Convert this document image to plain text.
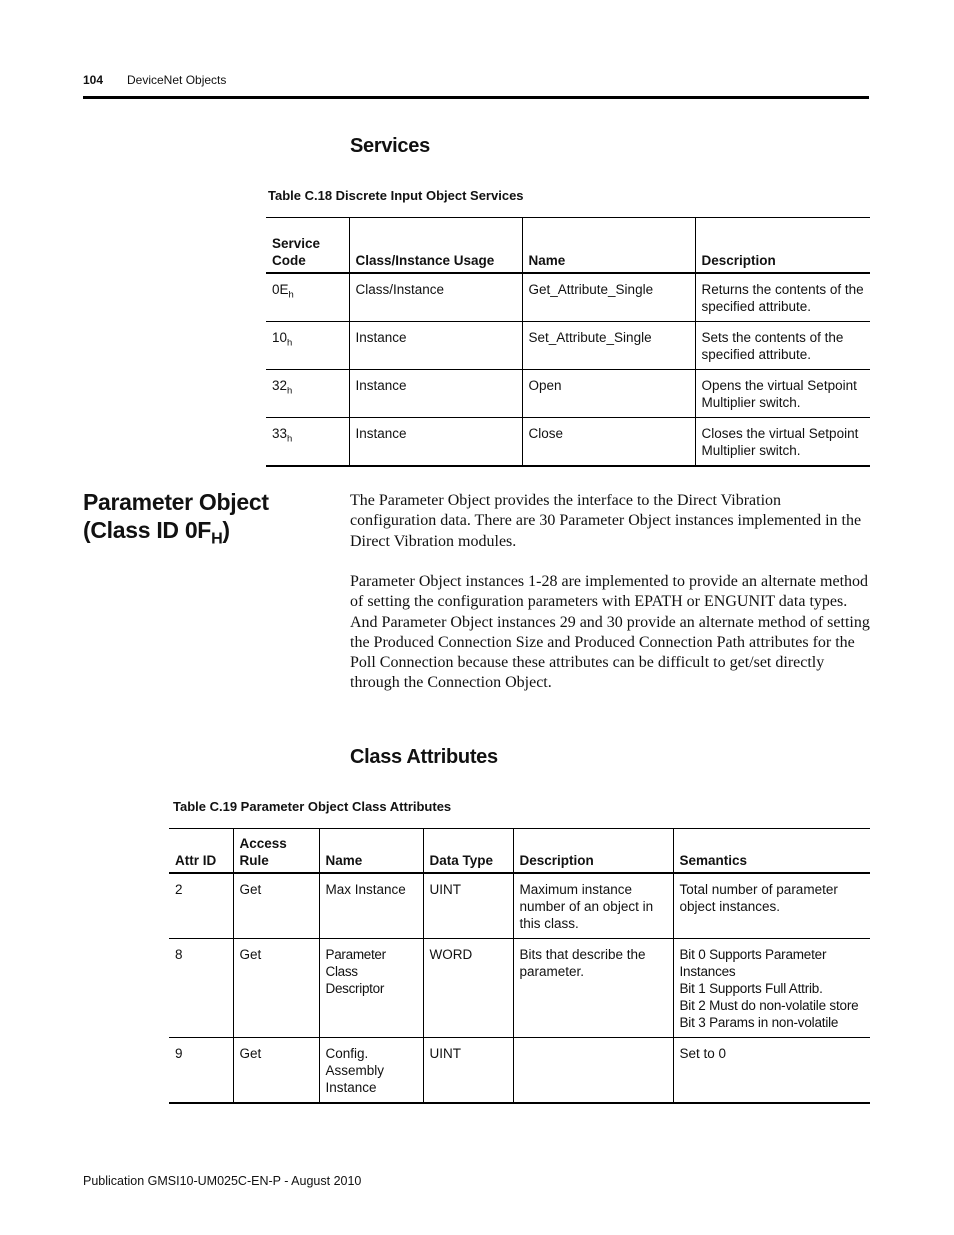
104 DeviceNet Objects
Services
Table C.18 Discrete Input Object Services
Service Code	Class/Instance Usage	Name	Description
$0E_h$	Class/Instance	Get_Attribute_Single	Returns the contents of the specified attribute.
$10_h$	Instance	Set_Attribute_Single	Sets the contents of the specified attribute.
$32_h$	Instance	Open	Opens the virtual Setpoint Multiplier switch.
$33_h$	Instance	Close	Closes the virtual Setpoint Multiplier switch.
Parameter Object
(Class ID $0F_H$)
The Parameter Object provides the interface to the Direct Vibration configuration data. There are 30 Parameter Object instances implemented in the Direct Vibration modules.
Parameter Object instances 1-28 are implemented to provide an alternate method of setting the configuration parameters with EPATH or ENGUNIT data types. And Parameter Object instances 29 and 30 provide an alternate method of setting the Produced Connection Size and Produced Connection Path attributes for the Poll Connection because these attributes can be difficult to get/set directly through the Connection Object.
Class Attributes
Table C.19 Parameter Object Class Attributes
Attr ID	Access Rule	Name	Data Type	Description	Semantics
2	Get	Max Instance	UINT	Maximum instance number of an object in this class.	Total number of parameter object instances.

8	Get	Parameter Class Descriptor	WORD	Bits that describe the parameter.	Bit 0 Supports Parameter Instances
Bit 1 Supports Full Attrib.
Bit 2 Must do non-volatile store
Bit 3 Params in non-volatile

9	Get	Config. Assembly Instance	UINT		Set to 0
Publication GMSI10-UM025C-EN-P - August 2010
